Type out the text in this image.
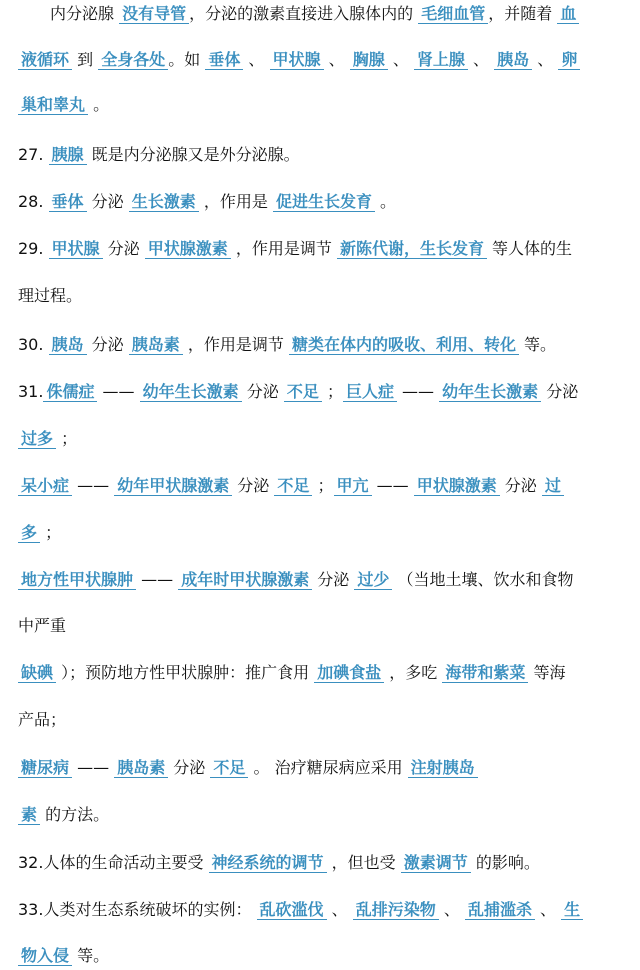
内分泌腺 没有导管 ，分泌的激素直接进入腺体内的 毛细血管 ，并随着 血
液循环 到 全身各处 。如 垂体 、 甲状腺 、 胸腺 、 肾上腺 、 胰岛 、 卵
巢和睾丸 。
27. 胰腺 既是内分泌腺又是外分泌腺。
28. 垂体 分泌 生长激素 ，作用是 促进生长发育 。
29. 甲状腺 分泌 甲状腺激素 ，作用是调节 新陈代谢，生长发育 等人体的生
理过程。
30. 胰岛 分泌 胰岛素 ，作用是调节 糖类在体内的吸收、利用、转化 等。
31. 侏儒症 —— 幼年生长激素 分泌 不足 ； 巨人症 —— 幼年生长激素 分泌
过多 ；
呆小症 —— 幼年甲状腺激素 分泌 不足 ； 甲亢 —— 甲状腺激素 分泌 过
多 ；
地方性甲状腺肿 —— 成年时甲状腺激素 分泌 过少 （当地土壤、饮水和食物
中严重
缺碘 ）；预防地方性甲状腺肿：推广食用 加碘食盐 ，多吃 海带和紫菜 等海
产品；
糖尿病 —— 胰岛素 分泌 不足 。 治疗糖尿病应采用 注射胰岛
素 的方法。
32.人体的生命活动主要受 神经系统的调节 ，但也受 激素调节 的影响。
33.人类对生态系统破坏的实例： 乱砍滥伐 、 乱排污染物 、 乱捕滥杀 、 生
物入侵 等。
